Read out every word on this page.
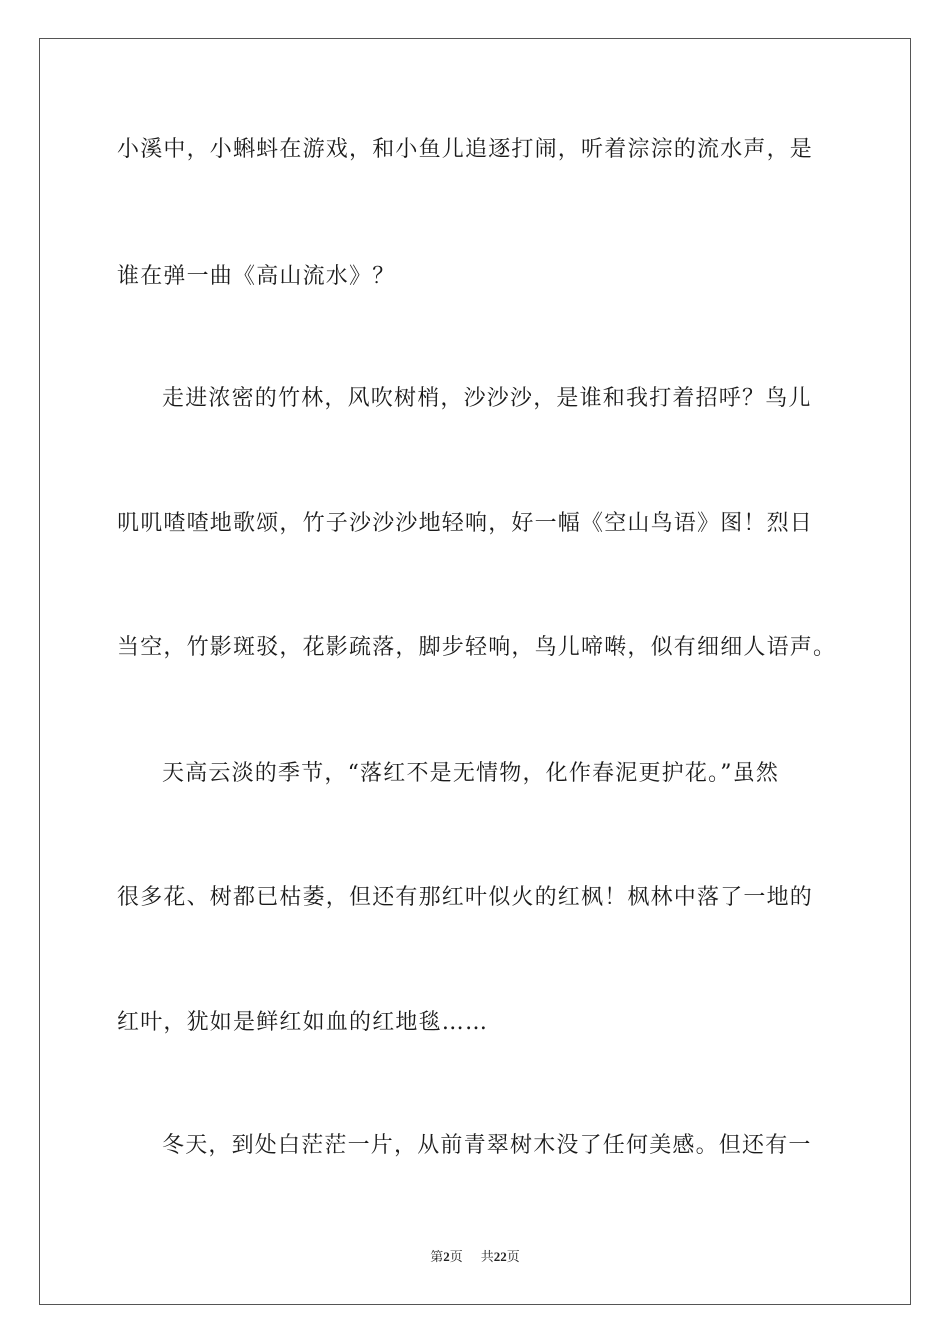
小溪中，小蝌蚪在游戏，和小鱼儿追逐打闹，听着淙淙的流水声，是
谁在弹一曲《高山流水》？
走进浓密的竹林，风吹树梢，沙沙沙，是谁和我打着招呼？鸟儿
叽叽喳喳地歌颂，竹子沙沙沙地轻响，好一幅《空山鸟语》图！烈日
当空，竹影斑驳，花影疏落，脚步轻响，鸟儿啼啭，似有细细人语声。
天高云淡的季节，“落红不是无情物，化作春泥更护花。”虽然
很多花、树都已枯萎，但还有那红叶似火的红枫！枫林中落了一地的
红叶，犹如是鲜红如血的红地毯……
冬天，到处白茫茫一片，从前青翠树木没了任何美感。但还有一
第2页 共22页
